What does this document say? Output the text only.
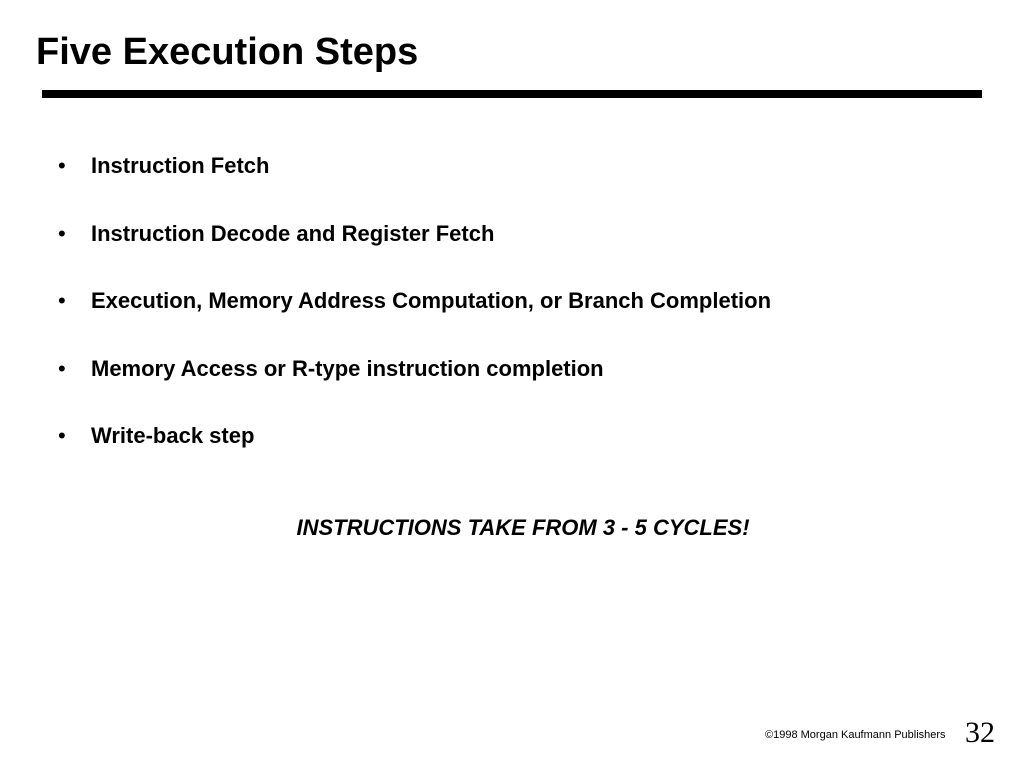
Five Execution Steps
• Instruction Fetch
• Instruction Decode and Register Fetch
• Execution, Memory Address Computation, or Branch Completion
• Memory Access or R-type instruction completion
• Write-back step
INSTRUCTIONS TAKE FROM 3 - 5 CYCLES!
©1998 Morgan Kaufmann Publishers 32
